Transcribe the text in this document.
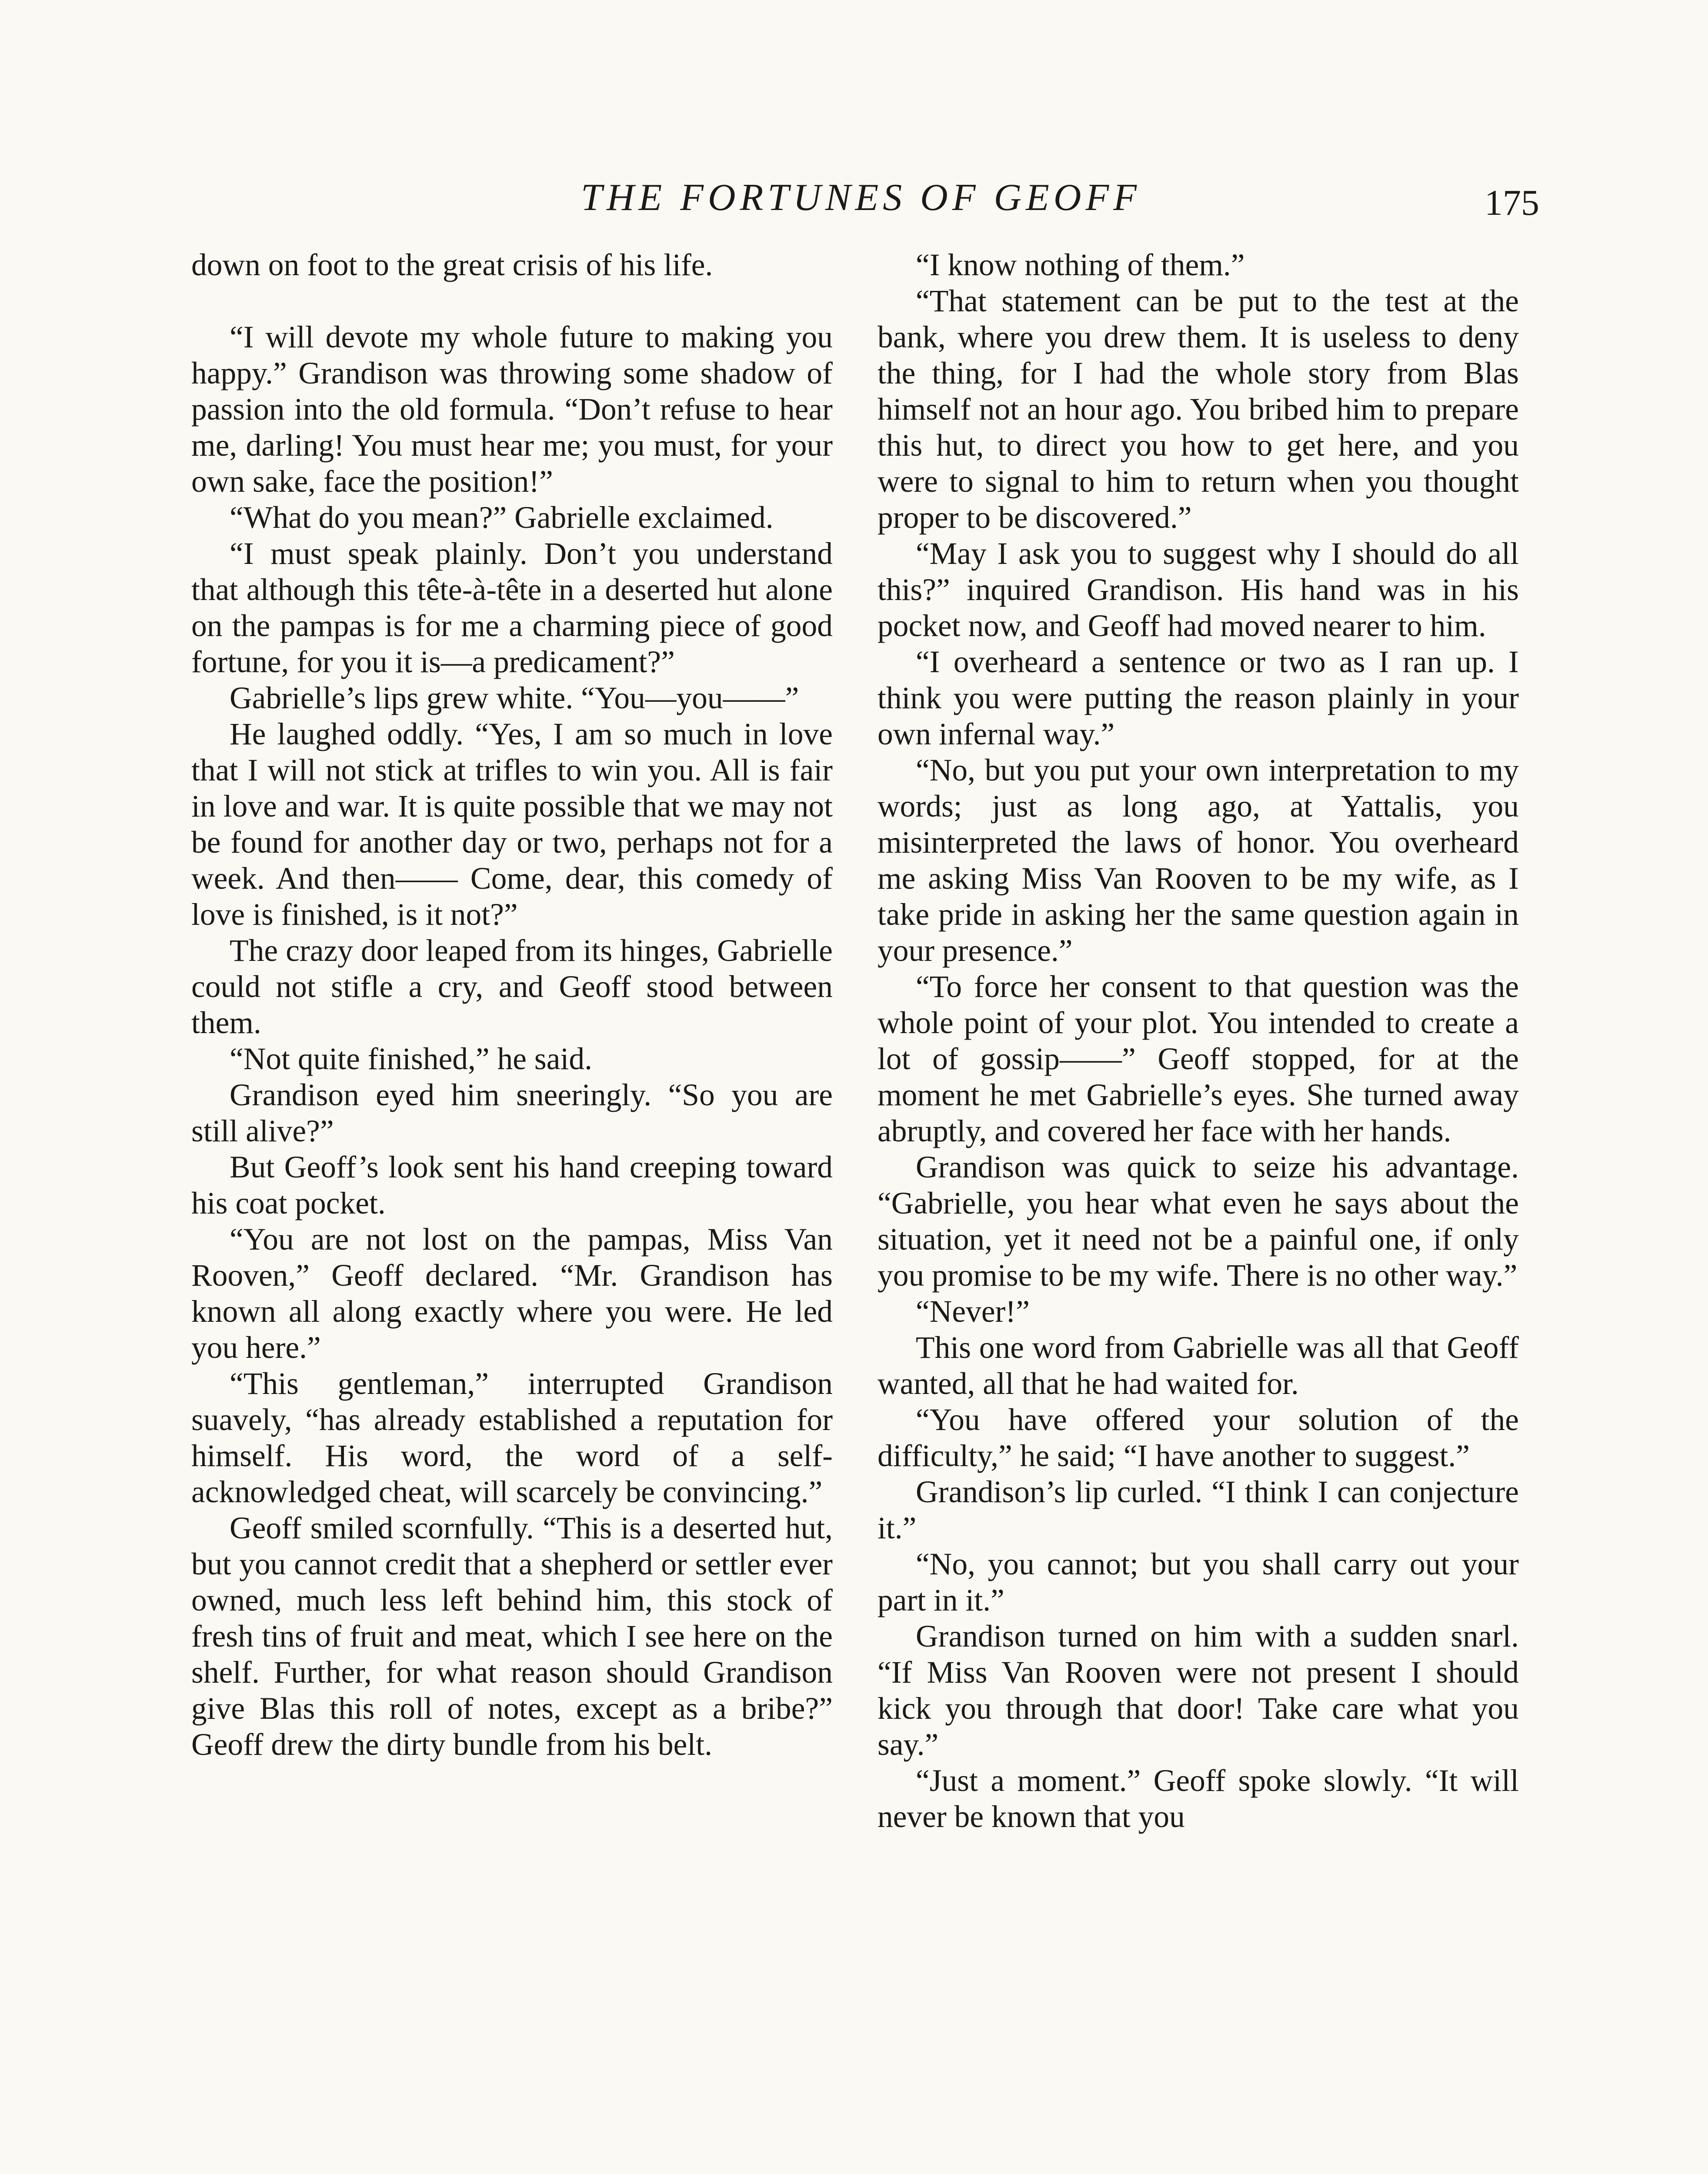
THE FORTUNES OF GEOFF	175

down on foot to the great crisis of his life.

“I will devote my whole future to making you happy.” Grandison was throwing some shadow of passion into the old formula. “Don’t refuse to hear me, darling! You must hear me; you must, for your own sake, face the position!”

“What do you mean?” Gabrielle exclaimed.

“I must speak plainly. Don’t you understand that although this tête-à-tête in a deserted hut alone on the pampas is for me a charming piece of good fortune, for you it is—a predicament?”

Gabrielle’s lips grew white. “You—you——”

He laughed oddly. “Yes, I am so much in love that I will not stick at trifles to win you. All is fair in love and war. It is quite possible that we may not be found for another day or two, perhaps not for a week. And then—— Come, dear, this comedy of love is finished, is it not?”

The crazy door leaped from its hinges, Gabrielle could not stifle a cry, and Geoff stood between them.

“Not quite finished,” he said.

Grandison eyed him sneeringly. “So you are still alive?”

But Geoff’s look sent his hand creeping toward his coat pocket.

“You are not lost on the pampas, Miss Van Rooven,” Geoff declared. “Mr. Grandison has known all along exactly where you were. He led you here.”

“This gentleman,” interrupted Grandison suavely, “has already established a reputation for himself. His word, the word of a self-acknowledged cheat, will scarcely be convincing.”

Geoff smiled scornfully. “This is a deserted hut, but you cannot credit that a shepherd or settler ever owned, much less left behind him, this stock of fresh tins of fruit and meat, which I see here on the shelf. Further, for what reason should Grandison give Blas this roll of notes, except as a bribe?” Geoff drew the dirty bundle from his belt.

“I know nothing of them.”

“That statement can be put to the test at the bank, where you drew them. It is useless to deny the thing, for I had the whole story from Blas himself not an hour ago. You bribed him to prepare this hut, to direct you how to get here, and you were to signal to him to return when you thought proper to be discovered.”

“May I ask you to suggest why I should do all this?” inquired Grandison. His hand was in his pocket now, and Geoff had moved nearer to him.

“I overheard a sentence or two as I ran up. I think you were putting the reason plainly in your own infernal way.”

“No, but you put your own interpretation to my words; just as long ago, at Yattalis, you misinterpreted the laws of honor. You overheard me asking Miss Van Rooven to be my wife, as I take pride in asking her the same question again in your presence.”

“To force her consent to that question was the whole point of your plot. You intended to create a lot of gossip——” Geoff stopped, for at the moment he met Gabrielle’s eyes. She turned away abruptly, and covered her face with her hands.

Grandison was quick to seize his advantage. “Gabrielle, you hear what even he says about the situation, yet it need not be a painful one, if only you promise to be my wife. There is no other way.”

“Never!”

This one word from Gabrielle was all that Geoff wanted, all that he had waited for.

“You have offered your solution of the difficulty,” he said; “I have another to suggest.”

Grandison’s lip curled. “I think I can conjecture it.”

“No, you cannot; but you shall carry out your part in it.”

Grandison turned on him with a sudden snarl. “If Miss Van Rooven were not present I should kick you through that door! Take care what you say.”

“Just a moment.” Geoff spoke slowly. “It will never be known that you
